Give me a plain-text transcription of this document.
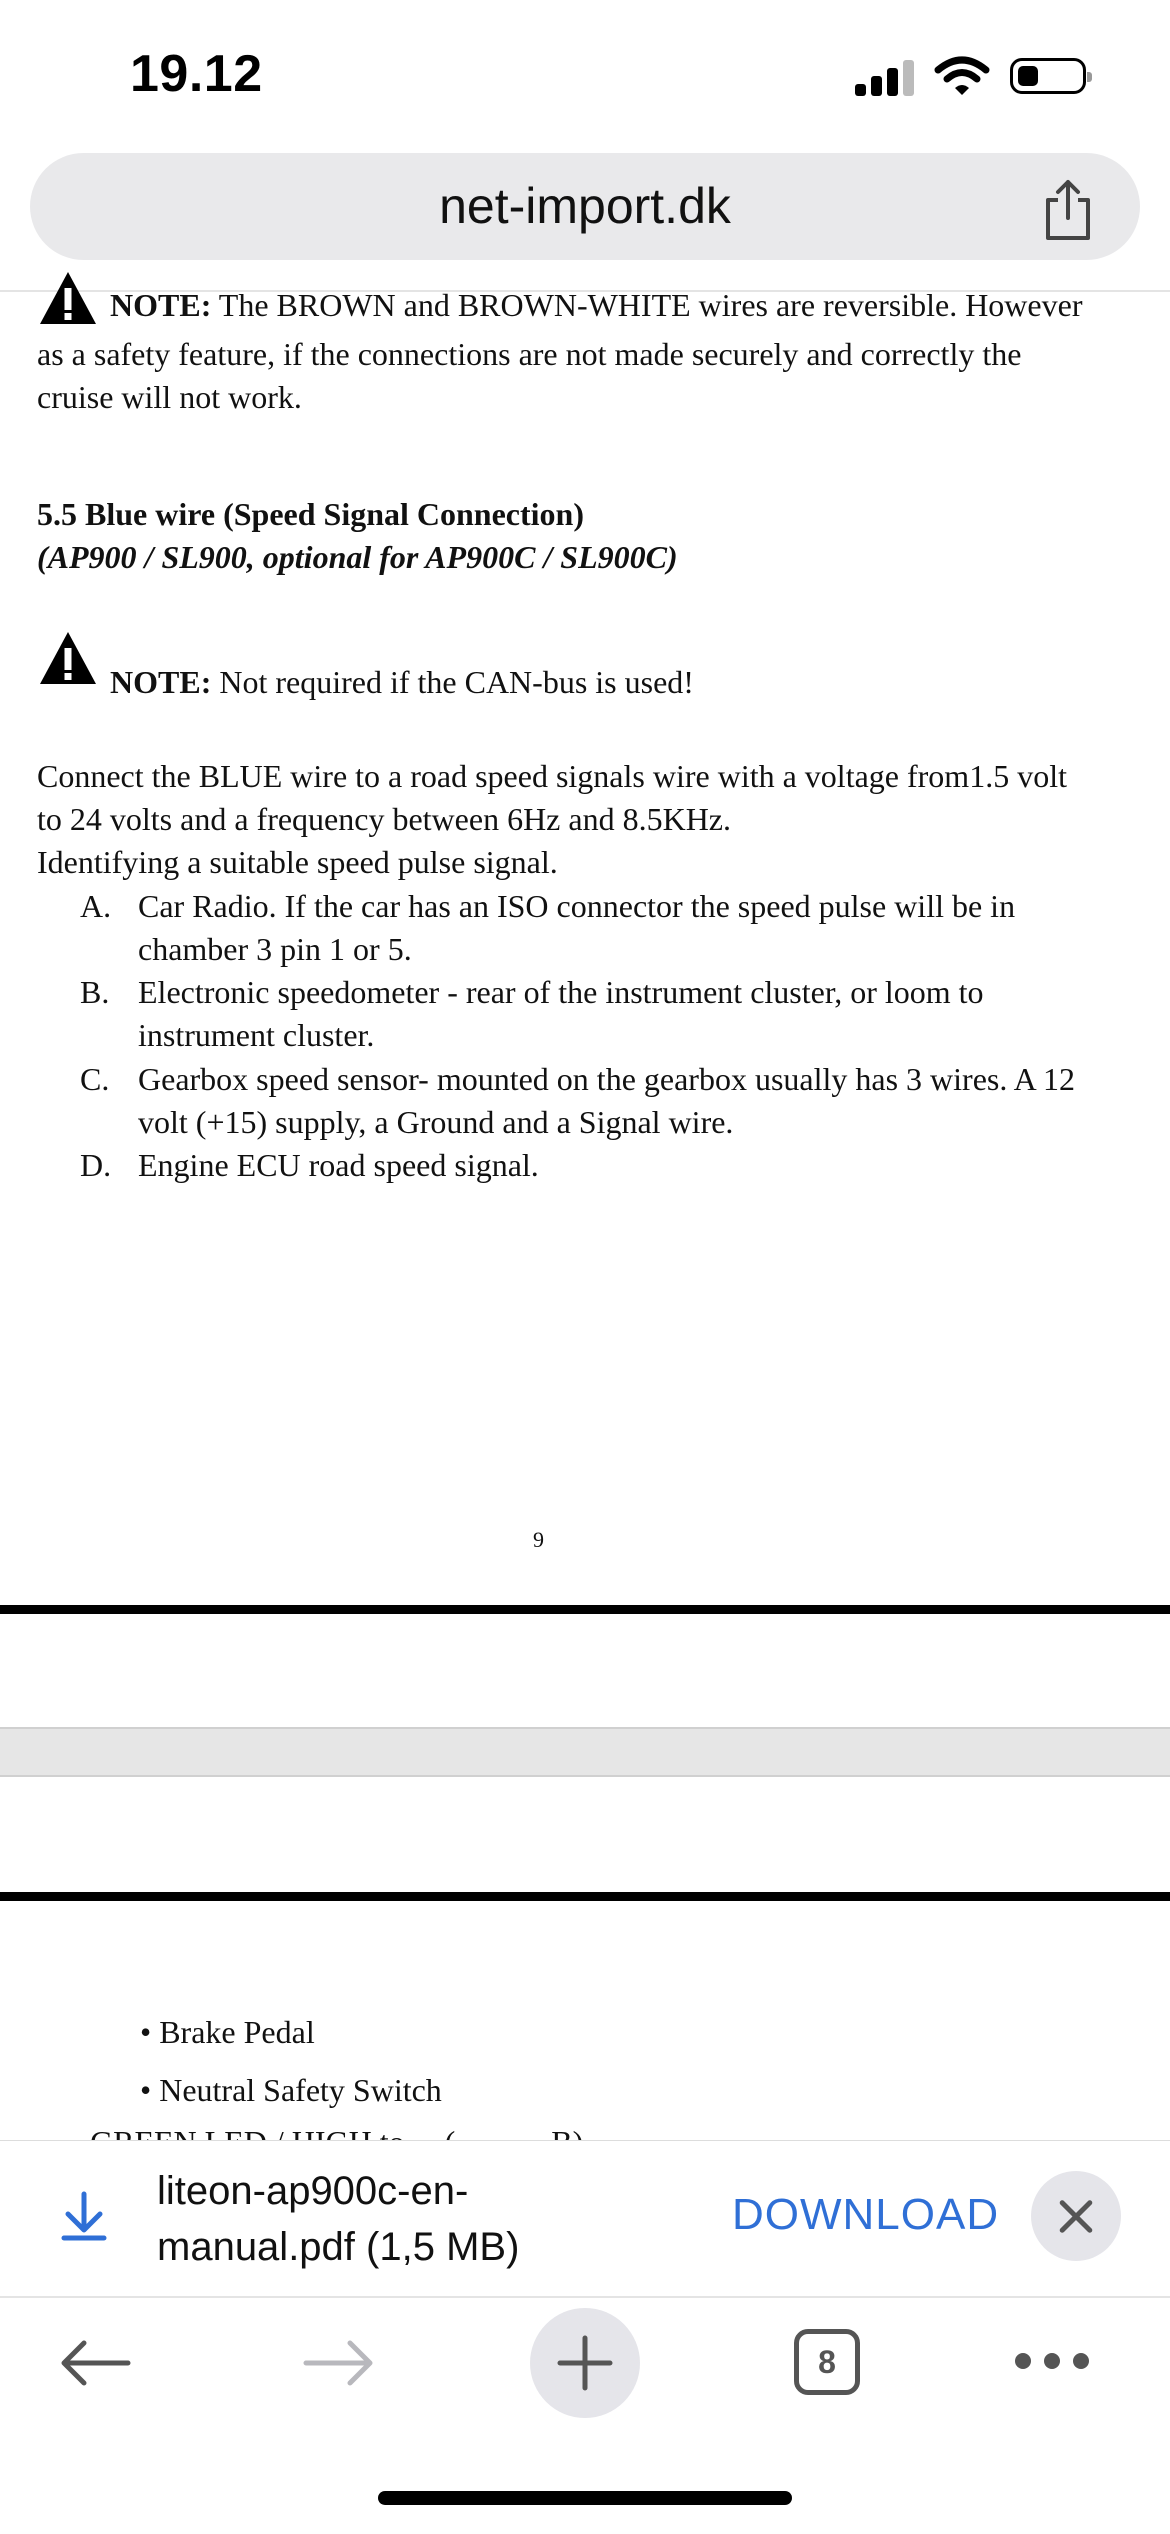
19.12
net-import.dk
NOTE: The BROWN and BROWN-WHITE wires are reversible. However
as a safety feature, if the connections are not made securely and correctly the
cruise will not work.
5.5 Blue wire (Speed Signal Connection)
(AP900 / SL900, optional for AP900C / SL900C)
NOTE: Not required if the CAN-bus is used!
Connect the BLUE wire to a road speed signals wire with a voltage from1.5 volt
to 24 volts and a frequency between 6Hz and 8.5KHz.
Identifying a suitable speed pulse signal.
A. Car Radio. If the car has an ISO connector the speed pulse will be in
chamber 3 pin 1 or 5.
B. Electronic speedometer - rear of the instrument cluster, or loom to
instrument cluster.
C. Gearbox speed sensor- mounted on the gearbox usually has 3 wires. A 12
volt (+15) supply, a Ground and a Signal wire.
D. Engine ECU road speed signal.
9
• Brake Pedal
• Neutral Safety Switch
liteon-ap900c-en-
manual.pdf (1,5 MB)
DOWNLOAD
8
